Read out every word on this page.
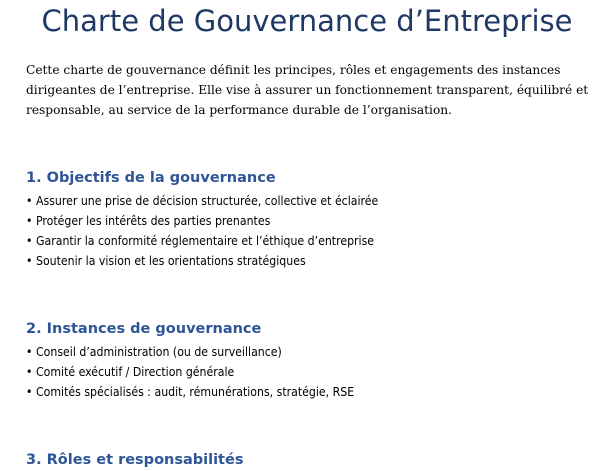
Charte de Gouvernance d’Entreprise

Cette charte de gouvernance définit les principes, rôles et engagements des instances dirigeantes de l’entreprise. Elle vise à assurer un fonctionnement transparent, équilibré et responsable, au service de la performance durable de l’organisation.

1. Objectifs de la gouvernance
• Assurer une prise de décision structurée, collective et éclairée
• Protéger les intérêts des parties prenantes
• Garantir la conformité réglementaire et l’éthique d’entreprise
• Soutenir la vision et les orientations stratégiques
2. Instances de gouvernance
• Conseil d’administration (ou de surveillance)
• Comité exécutif / Direction générale
• Comités spécialisés : audit, rémunérations, stratégie, RSE
3. Rôles et responsabilités
